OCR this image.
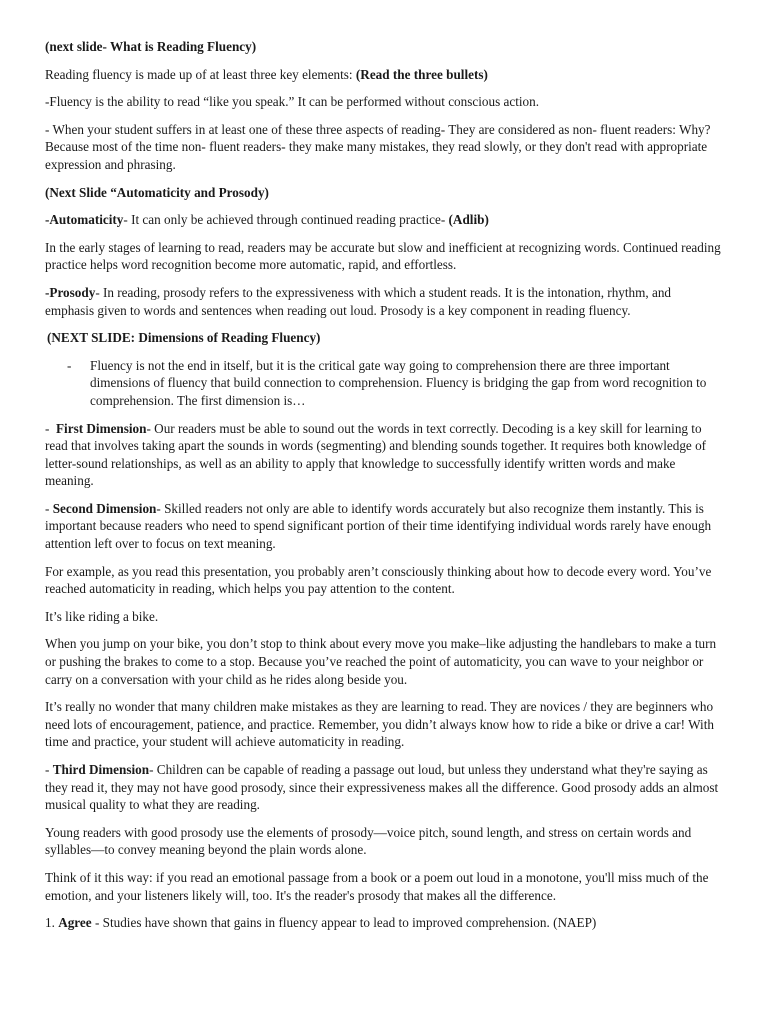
(next slide- What is Reading Fluency)

Reading fluency is made up of at least three key elements: (Read the three bullets)

-Fluency is the ability to read “like you speak.” It can be performed without conscious action.

- When your student suffers in at least one of these three aspects of reading- They are considered as non- fluent readers: Why? Because most of the time non- fluent readers- they make many mistakes, they read slowly, or they don't read with appropriate expression and phrasing.

(Next Slide “Automaticity and Prosody)

-Automaticity- It can only be achieved through continued reading practice- (Adlib)

In the early stages of learning to read, readers may be accurate but slow and inefficient at recognizing words. Continued reading practice helps word recognition become more automatic, rapid, and effortless.

-Prosody- In reading, prosody refers to the expressiveness with which a student reads. It is the intonation, rhythm, and emphasis given to words and sentences when reading out loud. Prosody is a key component in reading fluency.

(NEXT SLIDE: Dimensions of Reading Fluency)

-	Fluency is not the end in itself, but it is the critical gate way going to comprehension there are three important dimensions of fluency that build connection to comprehension. Fluency is bridging the gap from word recognition to comprehension. The first dimension is…

-  First Dimension- Our readers must be able to sound out the words in text correctly. Decoding is a key skill for learning to read that involves taking apart the sounds in words (segmenting) and blending sounds together. It requires both knowledge of letter-sound relationships, as well as an ability to apply that knowledge to successfully identify written words and make meaning.

- Second Dimension- Skilled readers not only are able to identify words accurately but also recognize them instantly. This is important because readers who need to spend significant portion of their time identifying individual words rarely have enough attention left over to focus on text meaning.

For example, as you read this presentation, you probably aren’t consciously thinking about how to decode every word. You’ve reached automaticity in reading, which helps you pay attention to the content.

It’s like riding a bike.

When you jump on your bike, you don’t stop to think about every move you make–like adjusting the handlebars to make a turn or pushing the brakes to come to a stop. Because you’ve reached the point of automaticity, you can wave to your neighbor or carry on a conversation with your child as he rides along beside you.

It’s really no wonder that many children make mistakes as they are learning to read. They are novices / they are beginners who need lots of encouragement, patience, and practice. Remember, you didn’t always know how to ride a bike or drive a car! With time and practice, your student will achieve automaticity in reading.

- Third Dimension- Children can be capable of reading a passage out loud, but unless they understand what they're saying as they read it, they may not have good prosody, since their expressiveness makes all the difference. Good prosody adds an almost musical quality to what they are reading.

Young readers with good prosody use the elements of prosody—voice pitch, sound length, and stress on certain words and syllables—to convey meaning beyond the plain words alone.

Think of it this way: if you read an emotional passage from a book or a poem out loud in a monotone, you'll miss much of the emotion, and your listeners likely will, too. It's the reader's prosody that makes all the difference.

1. Agree - Studies have shown that gains in fluency appear to lead to improved comprehension. (NAEP)
